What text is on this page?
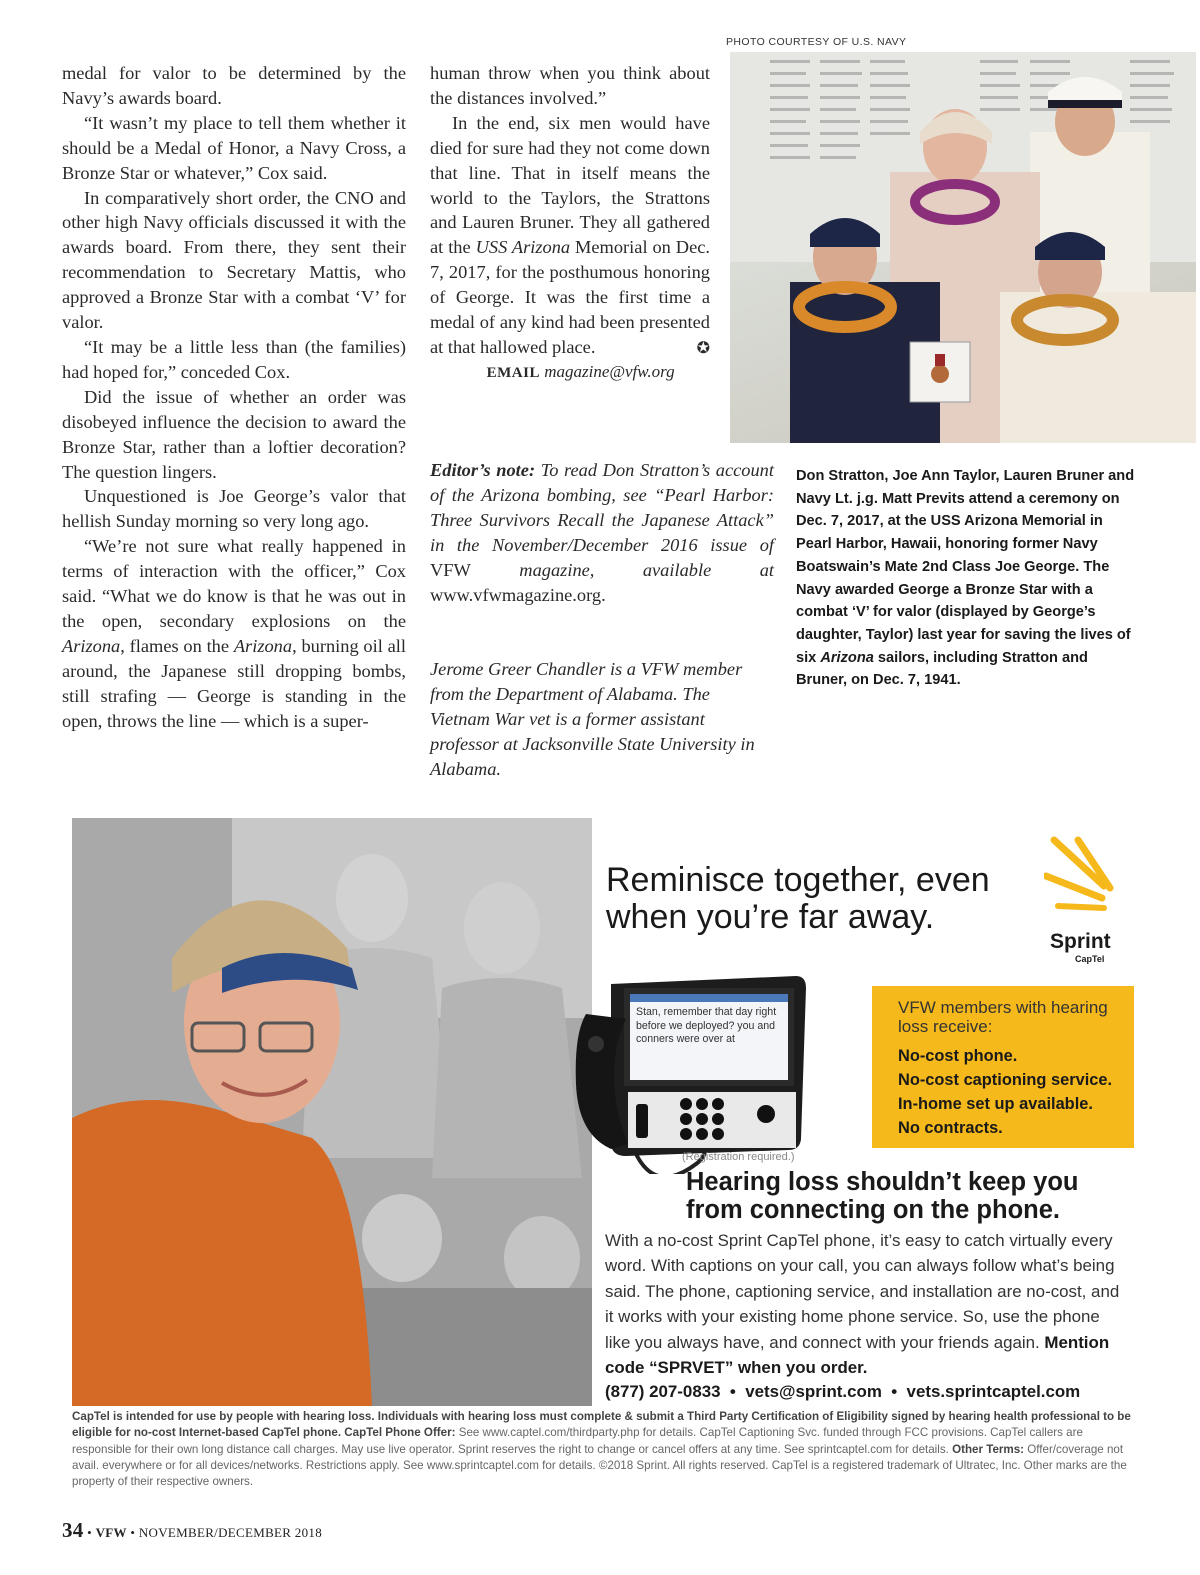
medal for valor to be determined by the Navy’s awards board.

“It wasn’t my place to tell them whether it should be a Medal of Honor, a Navy Cross, a Bronze Star or whatever,” Cox said.

In comparatively short order, the CNO and other high Navy officials discussed it with the awards board. From there, they sent their recommendation to Secretary Mattis, who approved a Bronze Star with a combat ‘V’ for valor.

“It may be a little less than (the families) had hoped for,” conceded Cox.

Did the issue of whether an order was disobeyed influence the decision to award the Bronze Star, rather than a loftier decoration? The question lingers.

Unquestioned is Joe George’s valor that hellish Sunday morning so very long ago.

“We’re not sure what really happened in terms of interaction with the officer,” Cox said. “What we do know is that he was out in the open, secondary explosions on the Arizona, flames on the Arizona, burning oil all around, the Japanese still dropping bombs, still strafing — George is standing in the open, throws the line — which is a super-

human throw when you think about the distances involved.”

In the end, six men would have died for sure had they not come down that line. That in itself means the world to the Taylors, the Strattons and Lauren Bruner. They all gathered at the USS Arizona Memorial on Dec. 7, 2017, for the posthumous honoring of George. It was the first time a medal of any kind had been presented at that hallowed place.	✪

EMAIL magazine@vfw.org

Editor’s note: To read Don Stratton’s account of the Arizona bombing, see “Pearl Harbor: Three Survivors Recall the Japanese Attack” in the November/December 2016 issue of VFW magazine, available at www.vfwmagazine.org.
Jerome Greer Chandler is a VFW member from the Department of Alabama. The Vietnam War vet is a former assistant professor at Jacksonville State University in Alabama.
PHOTO COURTESY OF U.S. NAVY
Don Stratton, Joe Ann Taylor, Lauren Bruner and Navy Lt. j.g. Matt Previts attend a ceremony on Dec. 7, 2017, at the USS Arizona Memorial in Pearl Harbor, Hawaii, honoring former Navy Boatswain’s Mate 2nd Class Joe George. The Navy awarded George a Bronze Star with a combat ‘V’ for valor (displayed by George’s daughter, Taylor) last year for saving the lives of six Arizona sailors, including Stratton and Bruner, on Dec. 7, 1941.
Reminisce together, even when you’re far away.
Sprint
CapTel
Stan, remember that day right before we deployed? you and conners were over at
VFW members with hearing loss receive:
No-cost phone.
No-cost captioning service.
In-home set up available.
No contracts.
(Registration required.)
Hearing loss shouldn’t keep you from connecting on the phone.
With a no-cost Sprint CapTel phone, it’s easy to catch virtually every word. With captions on your call, you can always follow what’s being said. The phone, captioning service, and installation are no-cost, and it works with your existing home phone service. So, use the phone like you always have, and connect with your friends again. Mention code “SPRVET” when you order.
(877) 207-0833 • vets@sprint.com • vets.sprintcaptel.com
CapTel is intended for use by people with hearing loss. Individuals with hearing loss must complete & submit a Third Party Certification of Eligibility signed by hearing health professional to be eligible for no-cost Internet-based CapTel phone. CapTel Phone Offer: See www.captel.com/thirdparty.php for details. CapTel Captioning Svc. funded through FCC provisions. CapTel callers are responsible for their own long distance call charges. May use live operator. Sprint reserves the right to change or cancel offers at any time. See sprintcaptel.com for details. Other Terms: Offer/coverage not avail. everywhere or for all devices/networks. Restrictions apply. See www.sprintcaptel.com for details. ©2018 Sprint. All rights reserved. CapTel is a registered trademark of Ultratec, Inc. Other marks are the property of their respective owners.
34 • VFW • NOVEMBER/DECEMBER 2018
